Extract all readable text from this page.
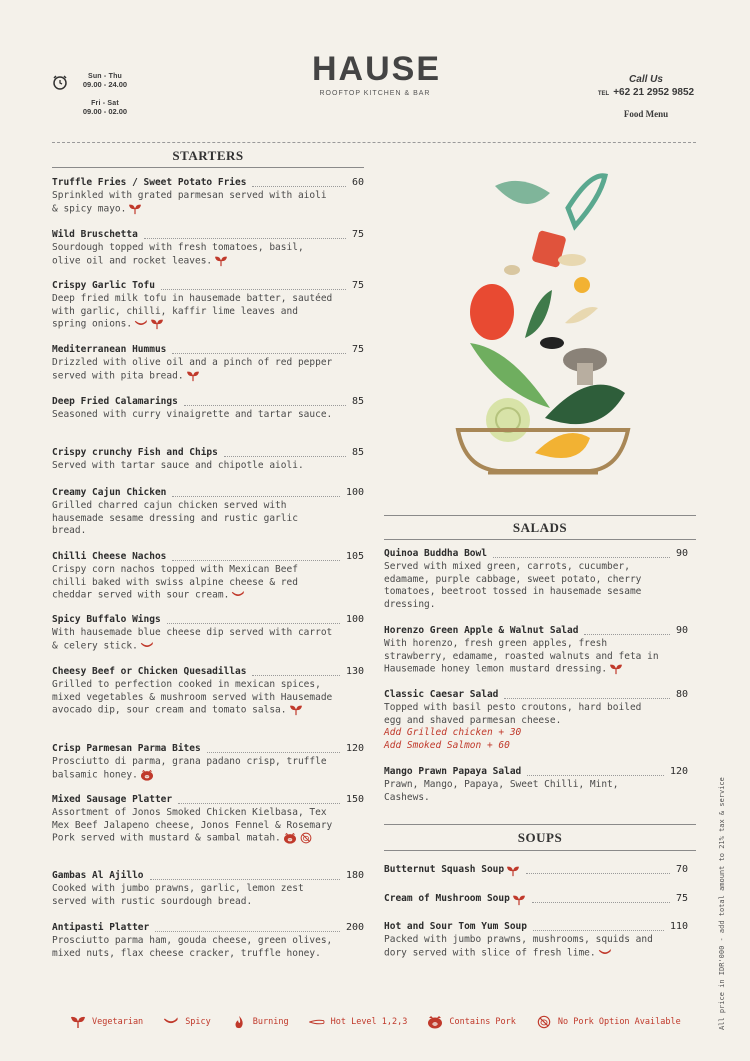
Sun - Thu
09.00 - 24.00
Fri - Sat
09.00 - 02.00
HAUSE
ROOFTOP KITCHEN & BAR
Call Us
TEL +62 21 2952 9852
Food Menu
STARTERS
Truffle Fries / Sweet Potato Fries	60
Sprinkled with grated parmesan served with aioli & spicy mayo.
Wild Bruschetta	75
Sourdough topped with fresh tomatoes, basil, olive oil and rocket leaves.
Crispy Garlic Tofu	75
Deep fried milk tofu in hausemade batter, sautéed with garlic, chilli, kaffir lime leaves and spring onions.
Mediterranean Hummus	75
Drizzled with olive oil and a pinch of red pepper served with pita bread.
Deep Fried Calamarings	85
Seasoned with curry vinaigrette and tartar sauce.
Crispy crunchy Fish and Chips	85
Served with tartar sauce and chipotle aioli.
Creamy Cajun Chicken	100
Grilled charred cajun chicken served with hausemade sesame dressing and rustic garlic bread.
Chilli Cheese Nachos	105
Crispy corn nachos topped with Mexican Beef chilli baked with swiss alpine cheese & red cheddar served with sour cream.
Spicy Buffalo Wings	100
With hausemade blue cheese dip served with carrot & celery stick.
Cheesy Beef or Chicken Quesadillas	130
Grilled to perfection cooked in mexican spices, mixed vegetables & mushroom served with Hausemade avocado dip, sour cream and tomato salsa.
Crisp Parmesan Parma Bites	120
Prosciutto di parma, grana padano crisp, truffle balsamic honey.
Mixed Sausage Platter	150
Assortment of Jonos Smoked Chicken Kielbasa, Tex Mex Beef Jalapeno cheese, Jonos Fennel & Rosemary Pork served with mustard & sambal matah.
Gambas Al Ajillo	180
Cooked with jumbo prawns, garlic, lemon zest served with rustic sourdough bread.
Antipasti Platter	200
Prosciutto parma ham, gouda cheese, green olives, mixed nuts, flax cheese cracker, truffle honey.
SALADS
Quinoa Buddha Bowl	90
Served with mixed green, carrots, cucumber, edamame, purple cabbage, sweet potato, cherry tomatoes, beetroot tossed in hausemade sesame dressing.
Horenzo Green Apple & Walnut Salad	90
With horenzo, fresh green apples, fresh strawberry, edamame, roasted walnuts and feta in Hausemade honey lemon mustard dressing.
Classic Caesar Salad	80
Topped with basil pesto croutons, hard boiled egg and shaved parmesan cheese.
Add Grilled chicken + 30
Add Smoked Salmon + 60
Mango Prawn Papaya Salad	120
Prawn, Mango, Papaya, Sweet Chilli, Mint, Cashews.
SOUPS
Butternut Squash Soup	70
Cream of Mushroom Soup	75
Hot and Sour Tom Yum Soup	110
Packed with jumbo prawns, mushrooms, squids and dory served with slice of fresh lime.
Vegetarian	Spicy	Burning	Hot Level 1,2,3	Contains Pork	No Pork Option Available	All price in IDR'000 - add total amount to 21% tax & service
